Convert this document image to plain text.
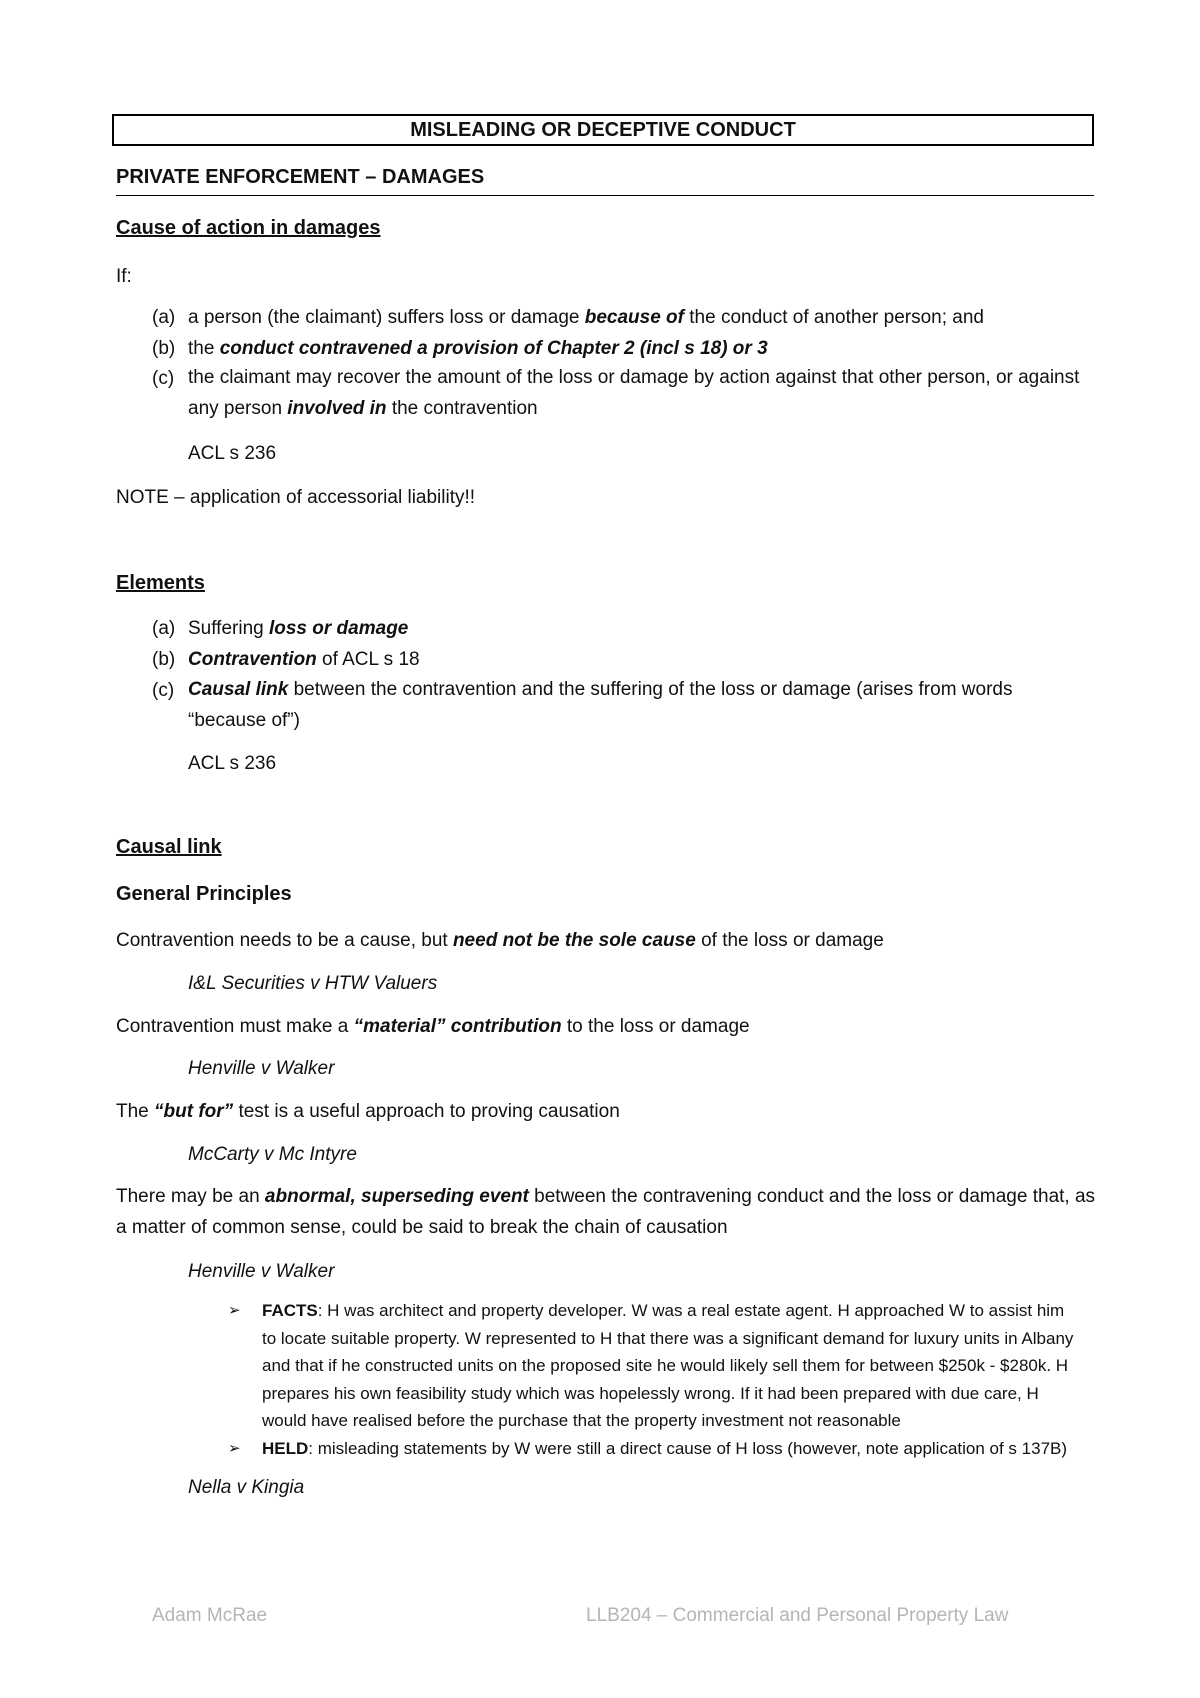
MISLEADING OR DECEPTIVE CONDUCT
PRIVATE ENFORCEMENT – DAMAGES
Cause of action in damages
If:
(a) a person (the claimant) suffers loss or damage because of the conduct of another person; and
(b) the conduct contravened a provision of Chapter 2 (incl s 18) or 3
(c) the claimant may recover the amount of the loss or damage by action against that other person, or against any person involved in the contravention
ACL s 236
NOTE – application of accessorial liability!!
Elements
(a) Suffering loss or damage
(b) Contravention of ACL s 18
(c) Causal link between the contravention and the suffering of the loss or damage (arises from words “because of”)
ACL s 236
Causal link
General Principles
Contravention needs to be a cause, but need not be the sole cause of the loss or damage
I&L Securities v HTW Valuers
Contravention must make a “material” contribution to the loss or damage
Henville v Walker
The “but for” test is a useful approach to proving causation
McCarty v Mc Intyre
There may be an abnormal, superseding event between the contravening conduct and the loss or damage that, as a matter of common sense, could be said to break the chain of causation
Henville v Walker
➢	FACTS: H was architect and property developer. W was a real estate agent. H approached W to assist him to locate suitable property. W represented to H that there was a significant demand for luxury units in Albany and that if he constructed units on the proposed site he would likely sell them for between $250k - $280k. H prepares his own feasibility study which was hopelessly wrong. If it had been prepared with due care, H would have realised before the purchase that the property investment not reasonable
➢	HELD: misleading statements by W were still a direct cause of H loss (however, note application of s 137B)
Nella v Kingia
Adam McRae	LLB204 – Commercial and Personal Property Law
